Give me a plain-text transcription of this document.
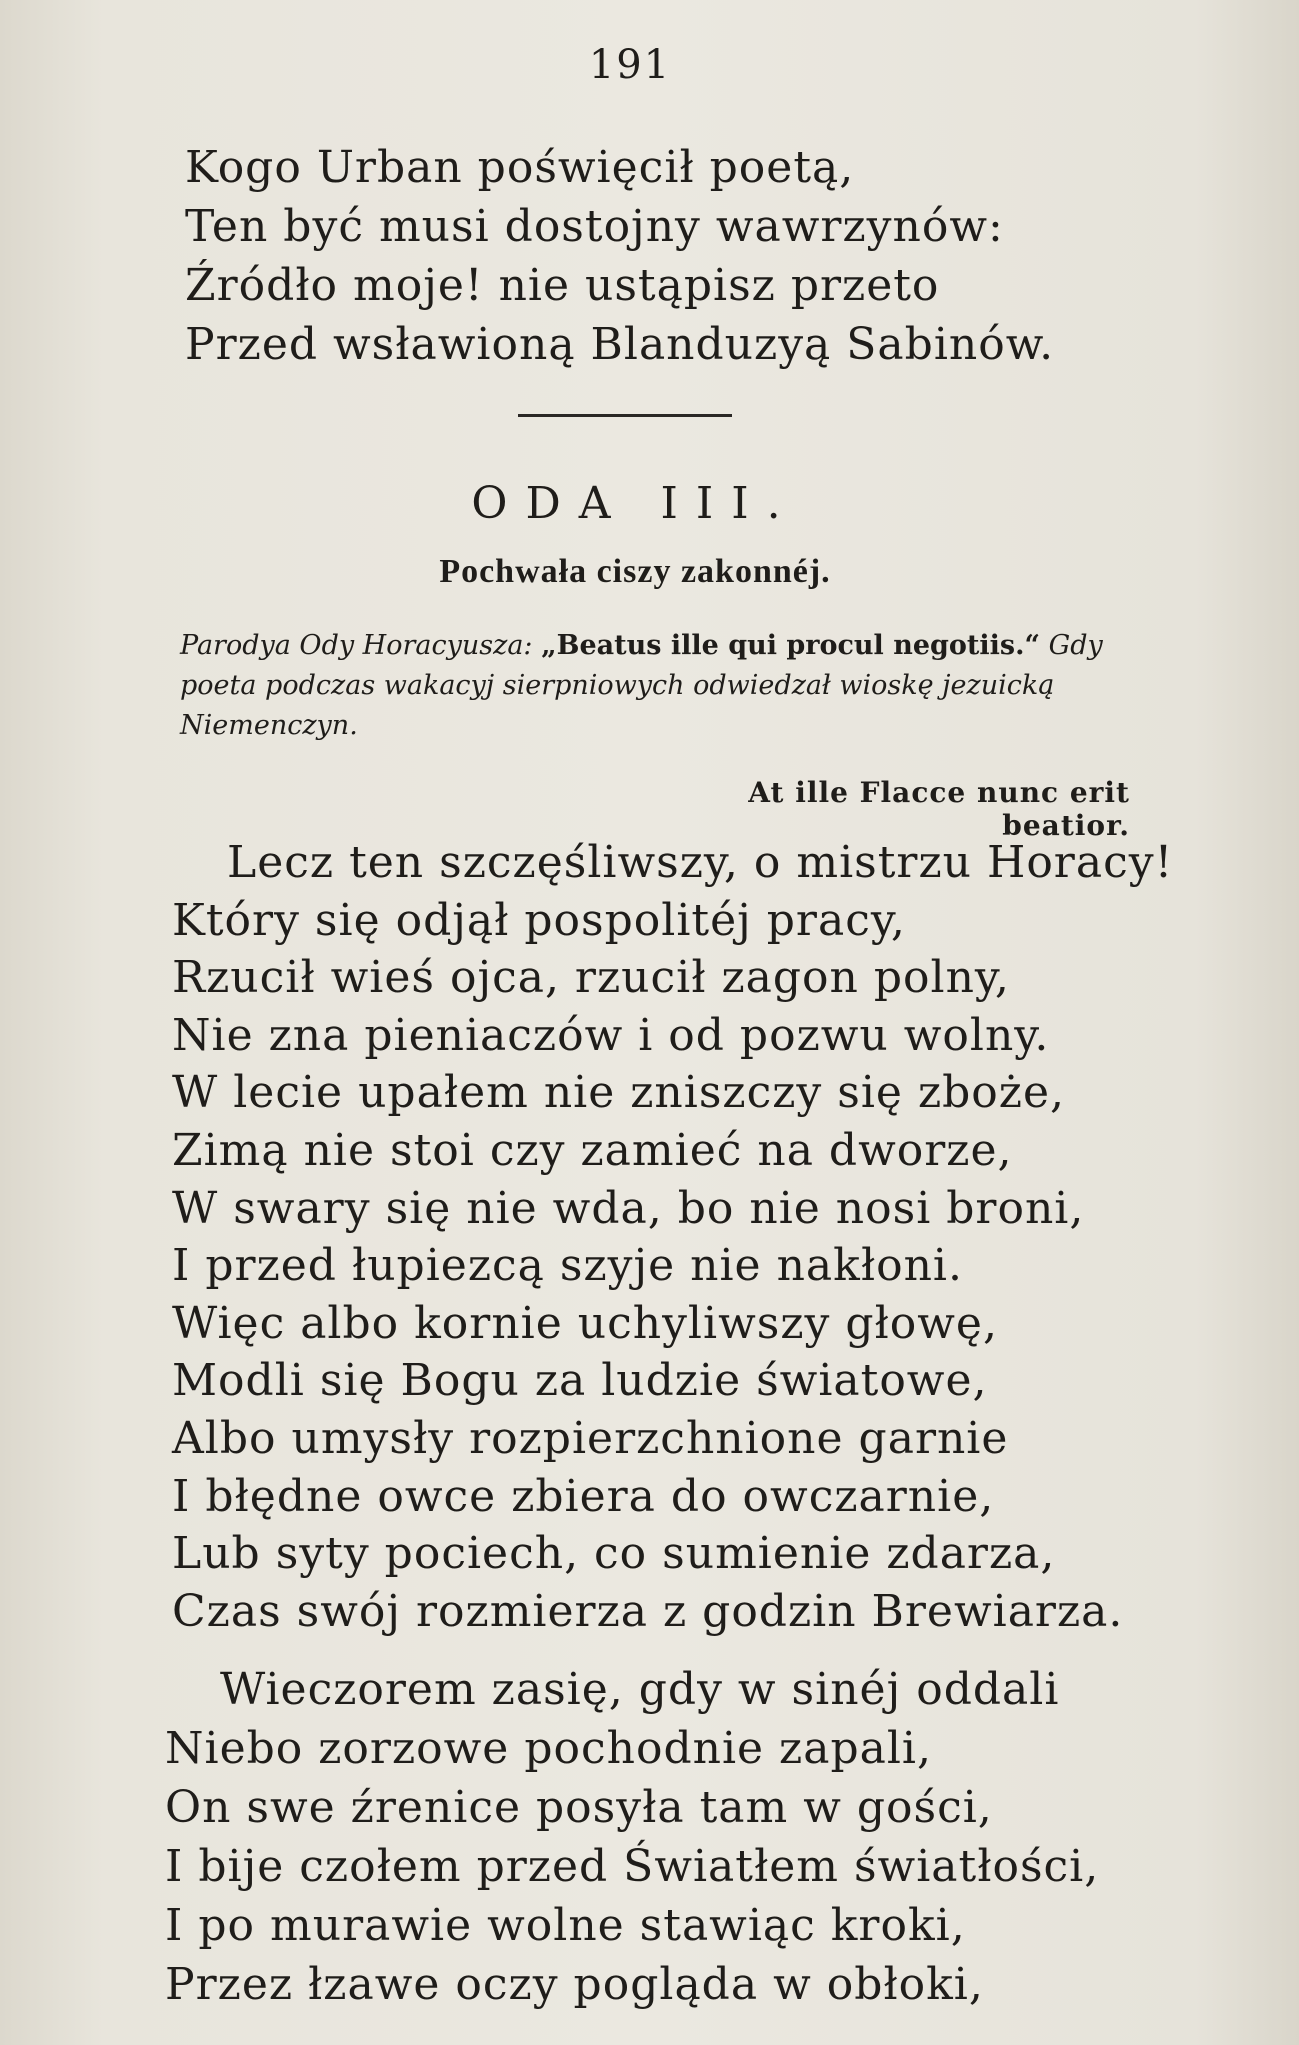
191
Kogo Urban poświęcił poetą,
Ten być musi dostojny wawrzynów:
Źródło moje! nie ustąpisz przeto
Przed wsławioną Blanduzyą Sabinów.
ODA III.
Pochwała ciszy zakonnéj.
Parodya Ody Horacyusza: „Beatus ille qui procul negotiis.“ Gdy poeta podczas wakacyj sierpniowych odwiedzał wioskę jezuicką Niemenczyn.
At ille Flacce nunc erit beatior.
Lecz ten szczęśliwszy, o mistrzu Horacy!
Który się odjął pospolitéj pracy,
Rzucił wieś ojca, rzucił zagon polny,
Nie zna pieniaczów i od pozwu wolny.
W lecie upałem nie zniszczy się zboże,
Zimą nie stoi czy zamieć na dworze,
W swary się nie wda, bo nie nosi broni,
I przed łupiezcą szyje nie nakłoni.
Więc albo kornie uchyliwszy głowę,
Modli się Bogu za ludzie światowe,
Albo umysły rozpierzchnione garnie
I błędne owce zbiera do owczarnie,
Lub syty pociech, co sumienie zdarza,
Czas swój rozmierza z godzin Brewiarza.
Wieczorem zasię, gdy w sinéj oddali
Niebo zorzowe pochodnie zapali,
On swe źrenice posyła tam w gości,
I bije czołem przed Światłem światłości,
I po murawie wolne stawiąc kroki,
Przez łzawe oczy pogląda w obłoki,
